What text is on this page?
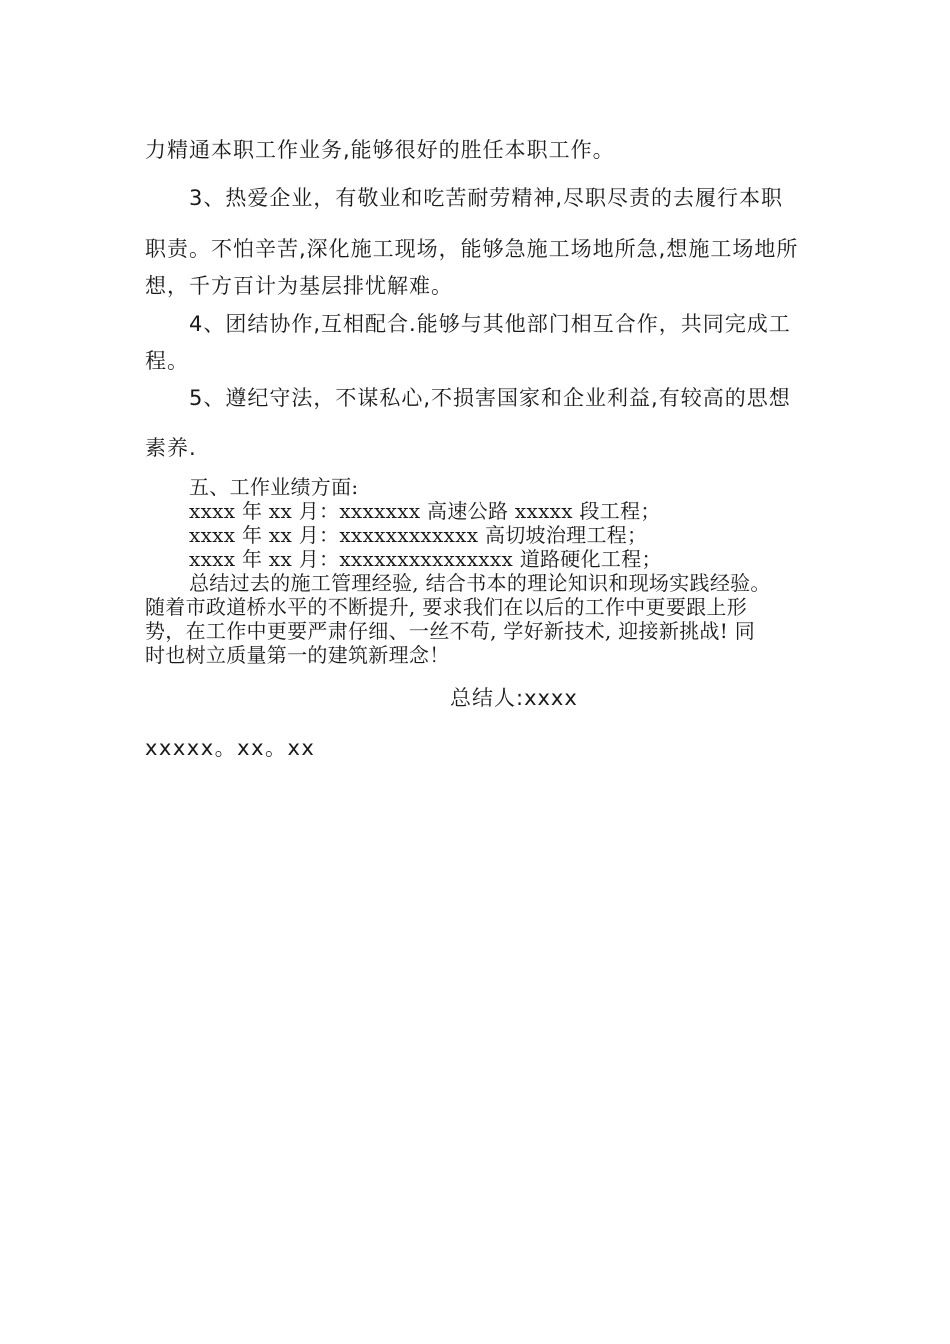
力精通本职工作业务,能够很好的胜任本职工作。
3、热爱企业，有敬业和吃苦耐劳精神,尽职尽责的去履行本职
职责。不怕辛苦,深化施工现场，能够急施工场地所急,想施工场地所
想，千方百计为基层排忧解难。
4、团结协作,互相配合.能够与其他部门相互合作，共同完成工
程。
5、遵纪守法，不谋私心,不损害国家和企业利益,有较高的思想
素养.
五、工作业绩方面:
xxxx 年 xx 月：xxxxxxx 高速公路 xxxxx 段工程；
xxxx 年 xx 月：xxxxxxxxxxxx 高切坡治理工程；
xxxx 年 xx 月：xxxxxxxxxxxxxxx 道路硬化工程；
总结过去的施工管理经验, 结合书本的理论知识和现场实践经验。
随着市政道桥水平的不断提升, 要求我们在以后的工作中更要跟上形
势，在工作中更要严肃仔细、一丝不苟, 学好新技术, 迎接新挑战! 同
时也树立质量第一的建筑新理念！
总结人:xxxx
xxxxx。xx。xx
